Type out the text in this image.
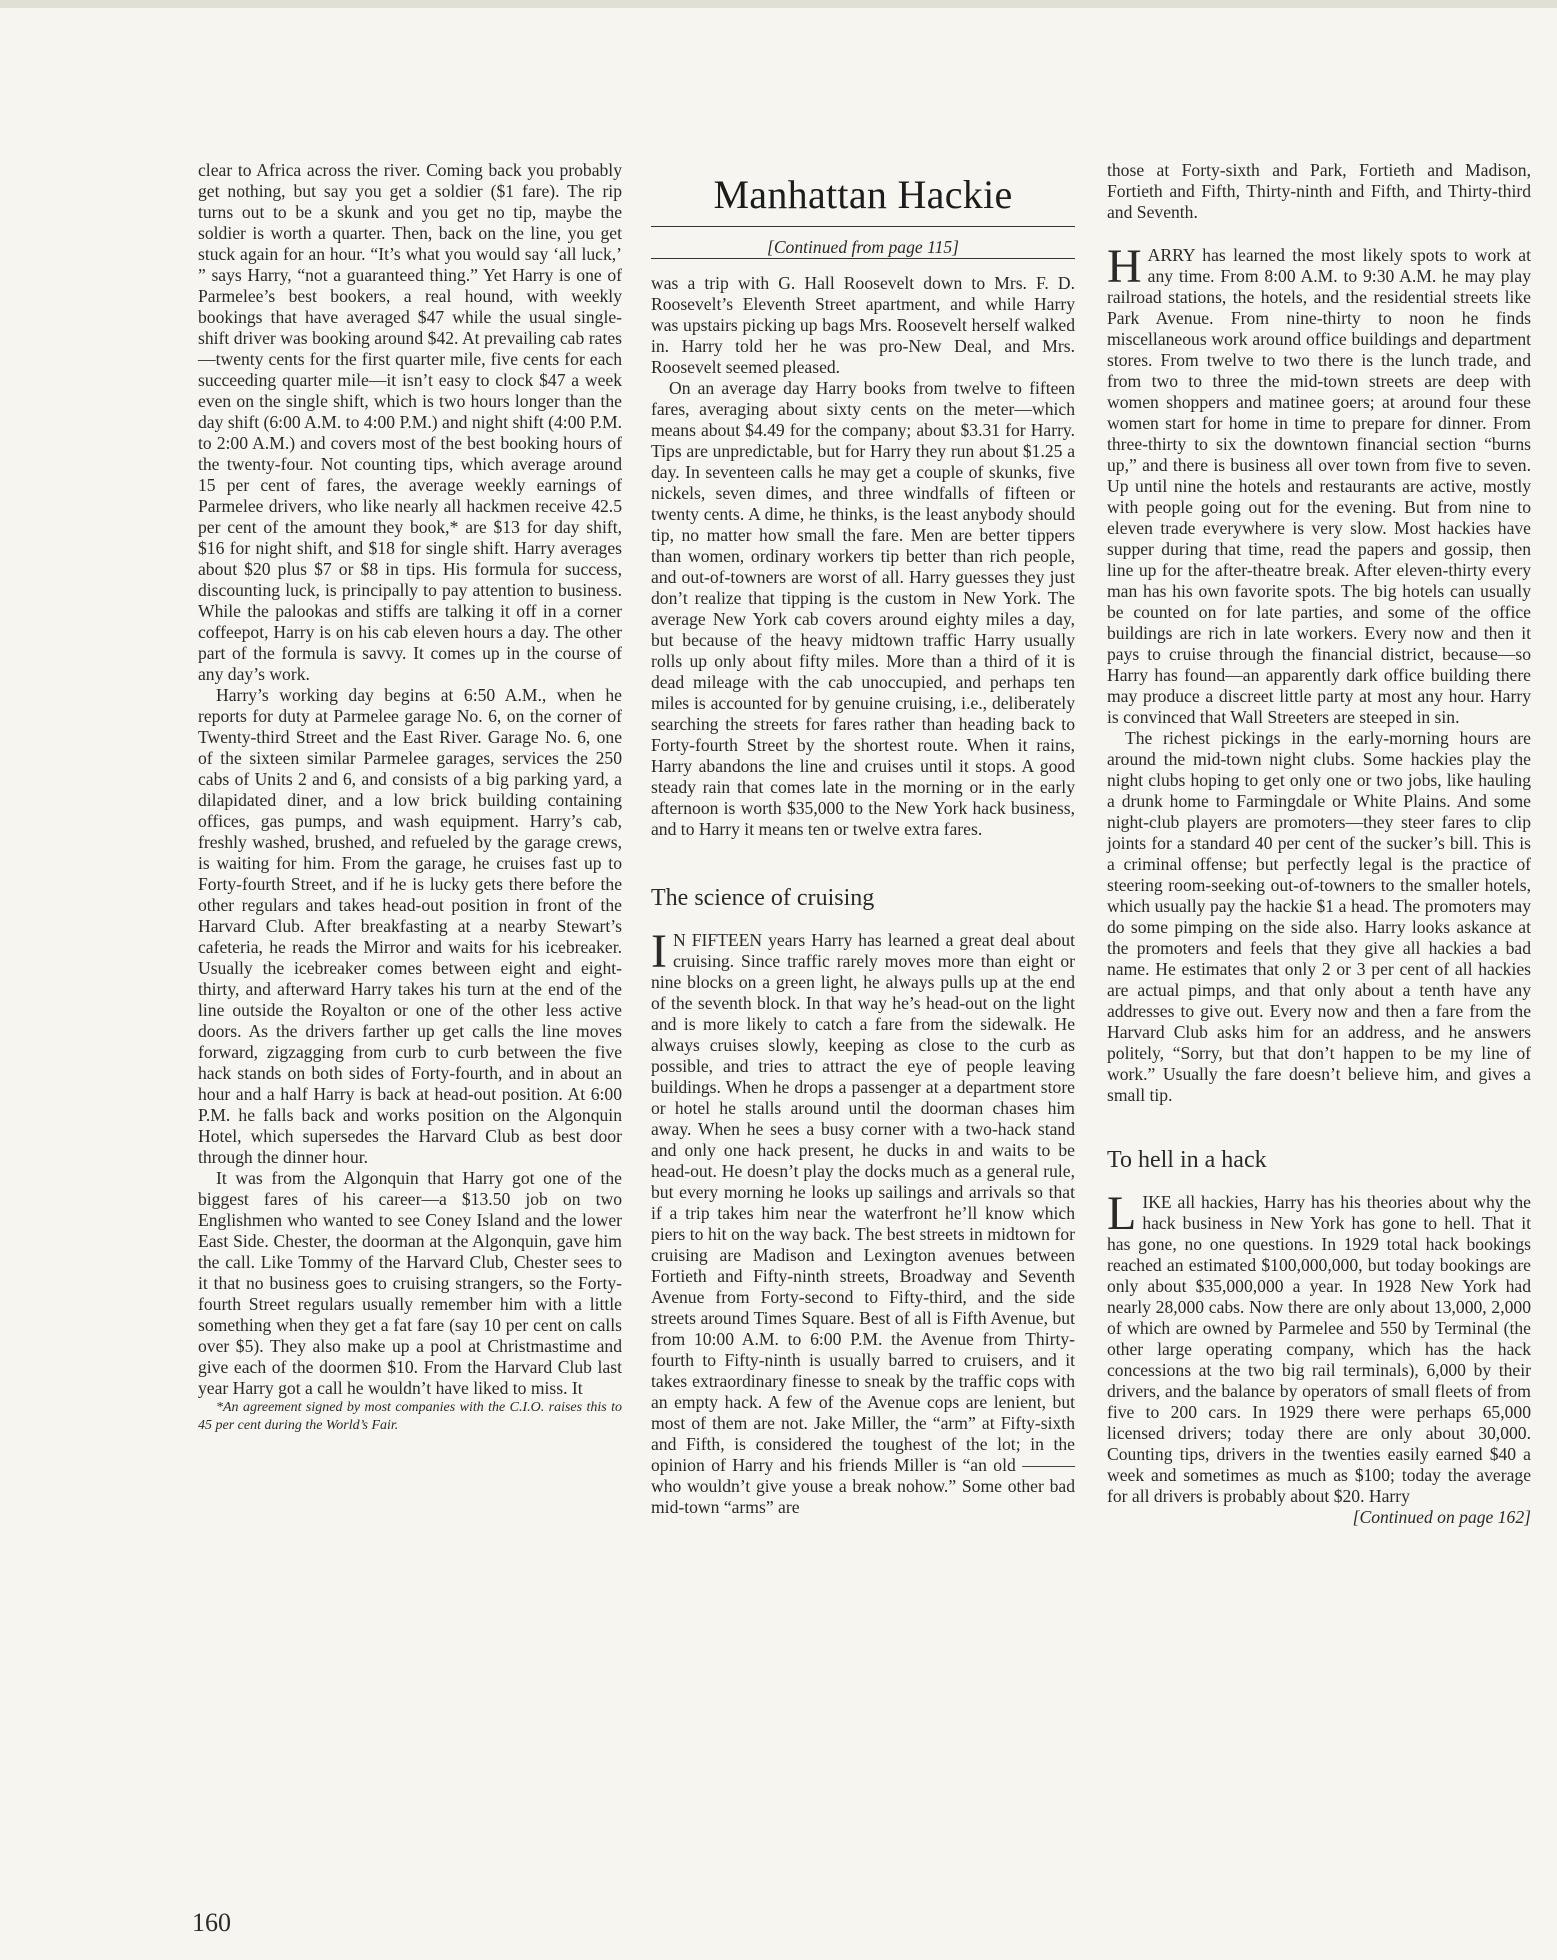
clear to Africa across the river. Coming back you probably get nothing, but say you get a soldier ($1 fare). The rip turns out to be a skunk and you get no tip, maybe the soldier is worth a quarter. Then, back on the line, you get stuck again for an hour. “It’s what you would say ‘all luck,’ ” says Harry, “not a guaranteed thing.” Yet Harry is one of Parmelee’s best bookers, a real hound, with weekly bookings that have averaged $47 while the usual single-shift driver was booking around $42. At prevailing cab rates—twenty cents for the first quarter mile, five cents for each succeeding quarter mile—it isn’t easy to clock $47 a week even on the single shift, which is two hours longer than the day shift (6:00 A.M. to 4:00 P.M.) and night shift (4:00 P.M. to 2:00 A.M.) and covers most of the best booking hours of the twenty-four. Not counting tips, which average around 15 per cent of fares, the average weekly earnings of Parmelee drivers, who like nearly all hackmen receive 42.5 per cent of the amount they book,* are $13 for day shift, $16 for night shift, and $18 for single shift. Harry averages about $20 plus $7 or $8 in tips. His formula for success, discounting luck, is principally to pay attention to business. While the palookas and stiffs are talking it off in a corner coffeepot, Harry is on his cab eleven hours a day. The other part of the formula is savvy. It comes up in the course of any day’s work.

Harry’s working day begins at 6:50 A.M., when he reports for duty at Parmelee garage No. 6, on the corner of Twenty-third Street and the East River. Garage No. 6, one of the sixteen similar Parmelee garages, services the 250 cabs of Units 2 and 6, and consists of a big parking yard, a dilapidated diner, and a low brick building containing offices, gas pumps, and wash equipment. Harry’s cab, freshly washed, brushed, and refueled by the garage crews, is waiting for him. From the garage, he cruises fast up to Forty-fourth Street, and if he is lucky gets there before the other regulars and takes head-out position in front of the Harvard Club. After breakfasting at a nearby Stewart’s cafeteria, he reads the Mirror and waits for his icebreaker. Usually the icebreaker comes between eight and eight-thirty, and afterward Harry takes his turn at the end of the line outside the Royalton or one of the other less active doors. As the drivers farther up get calls the line moves forward, zigzagging from curb to curb between the five hack stands on both sides of Forty-fourth, and in about an hour and a half Harry is back at head-out position. At 6:00 P.M. he falls back and works position on the Algonquin Hotel, which supersedes the Harvard Club as best door through the dinner hour.

It was from the Algonquin that Harry got one of the biggest fares of his career—a $13.50 job on two Englishmen who wanted to see Coney Island and the lower East Side. Chester, the doorman at the Algonquin, gave him the call. Like Tommy of the Harvard Club, Chester sees to it that no business goes to cruising strangers, so the Forty-fourth Street regulars usually remember him with a little something when they get a fat fare (say 10 per cent on calls over $5). They also make up a pool at Christmastime and give each of the doormen $10. From the Harvard Club last year Harry got a call he wouldn’t have liked to miss. It

*An agreement signed by most companies with the C.I.O. raises this to 45 per cent during the World’s Fair.

Manhattan Hackie

[Continued from page 115]

was a trip with G. Hall Roosevelt down to Mrs. F. D. Roosevelt’s Eleventh Street apartment, and while Harry was upstairs picking up bags Mrs. Roosevelt herself walked in. Harry told her he was pro-New Deal, and Mrs. Roosevelt seemed pleased.

On an average day Harry books from twelve to fifteen fares, averaging about sixty cents on the meter—which means about $4.49 for the company; about $3.31 for Harry. Tips are unpredictable, but for Harry they run about $1.25 a day. In seventeen calls he may get a couple of skunks, five nickels, seven dimes, and three windfalls of fifteen or twenty cents. A dime, he thinks, is the least anybody should tip, no matter how small the fare. Men are better tippers than women, ordinary workers tip better than rich people, and out-of-towners are worst of all. Harry guesses they just don’t realize that tipping is the custom in New York. The average New York cab covers around eighty miles a day, but because of the heavy midtown traffic Harry usually rolls up only about fifty miles. More than a third of it is dead mileage with the cab unoccupied, and perhaps ten miles is accounted for by genuine cruising, i.e., deliberately searching the streets for fares rather than heading back to Forty-fourth Street by the shortest route. When it rains, Harry abandons the line and cruises until it stops. A good steady rain that comes late in the morning or in the early afternoon is worth $35,000 to the New York hack business, and to Harry it means ten or twelve extra fares.

The science of cruising

I N FIFTEEN years Harry has learned a great deal about cruising. Since traffic rarely moves more than eight or nine blocks on a green light, he always pulls up at the end of the seventh block. In that way he’s head-out on the light and is more likely to catch a fare from the sidewalk. He always cruises slowly, keeping as close to the curb as possible, and tries to attract the eye of people leaving buildings. When he drops a passenger at a department store or hotel he stalls around until the doorman chases him away. When he sees a busy corner with a two-hack stand and only one hack present, he ducks in and waits to be head-out. He doesn’t play the docks much as a general rule, but every morning he looks up sailings and arrivals so that if a trip takes him near the waterfront he’ll know which piers to hit on the way back. The best streets in midtown for cruising are Madison and Lexington avenues between Fortieth and Fifty-ninth streets, Broadway and Seventh Avenue from Forty-second to Fifty-third, and the side streets around Times Square. Best of all is Fifth Avenue, but from 10:00 A.M. to 6:00 P.M. the Avenue from Thirty-fourth to Fifty-ninth is usually barred to cruisers, and it takes extraordinary finesse to sneak by the traffic cops with an empty hack. A few of the Avenue cops are lenient, but most of them are not. Jake Miller, the “arm” at Fifty-sixth and Fifth, is considered the toughest of the lot; in the opinion of Harry and his friends Miller is “an old ———who wouldn’t give youse a break nohow.” Some other bad mid-town “arms” are

those at Forty-sixth and Park, Fortieth and Madison, Fortieth and Fifth, Thirty-ninth and Fifth, and Thirty-third and Seventh.

HARRY has learned the most likely spots to work at any time. From 8:00 A.M. to 9:30 A.M. he may play railroad stations, the hotels, and the residential streets like Park Avenue. From nine-thirty to noon he finds miscellaneous work around office buildings and department stores. From twelve to two there is the lunch trade, and from two to three the mid-town streets are deep with women shoppers and matinee goers; at around four these women start for home in time to prepare for dinner. From three-thirty to six the downtown financial section “burns up,” and there is business all over town from five to seven. Up until nine the hotels and restaurants are active, mostly with people going out for the evening. But from nine to eleven trade everywhere is very slow. Most hackies have supper during that time, read the papers and gossip, then line up for the after-theatre break. After eleven-thirty every man has his own favorite spots. The big hotels can usually be counted on for late parties, and some of the office buildings are rich in late workers. Every now and then it pays to cruise through the financial district, because—so Harry has found—an apparently dark office building there may produce a discreet little party at most any hour. Harry is convinced that Wall Streeters are steeped in sin.

The richest pickings in the early-morning hours are around the mid-town night clubs. Some hackies play the night clubs hoping to get only one or two jobs, like hauling a drunk home to Farmingdale or White Plains. And some night-club players are promoters—they steer fares to clip joints for a standard 40 per cent of the sucker’s bill. This is a criminal offense; but perfectly legal is the practice of steering room-seeking out-of-towners to the smaller hotels, which usually pay the hackie $1 a head. The promoters may do some pimping on the side also. Harry looks askance at the promoters and feels that they give all hackies a bad name. He estimates that only 2 or 3 per cent of all hackies are actual pimps, and that only about a tenth have any addresses to give out. Every now and then a fare from the Harvard Club asks him for an address, and he answers politely, “Sorry, but that don’t happen to be my line of work.” Usually the fare doesn’t believe him, and gives a small tip.

To hell in a hack

LIKE all hackies, Harry has his theories about why the hack business in New York has gone to hell. That it has gone, no one questions. In 1929 total hack bookings reached an estimated $100,000,000, but today bookings are only about $35,000,000 a year. In 1928 New York had nearly 28,000 cabs. Now there are only about 13,000, 2,000 of which are owned by Parmelee and 550 by Terminal (the other large operating company, which has the hack concessions at the two big rail terminals), 6,000 by their drivers, and the balance by operators of small fleets of from five to 200 cars. In 1929 there were perhaps 65,000 licensed drivers; today there are only about 30,000. Counting tips, drivers in the twenties easily earned $40 a week and sometimes as much as $100; today the average for all drivers is probably about $20. Harry

[Continued on page 162]

160
